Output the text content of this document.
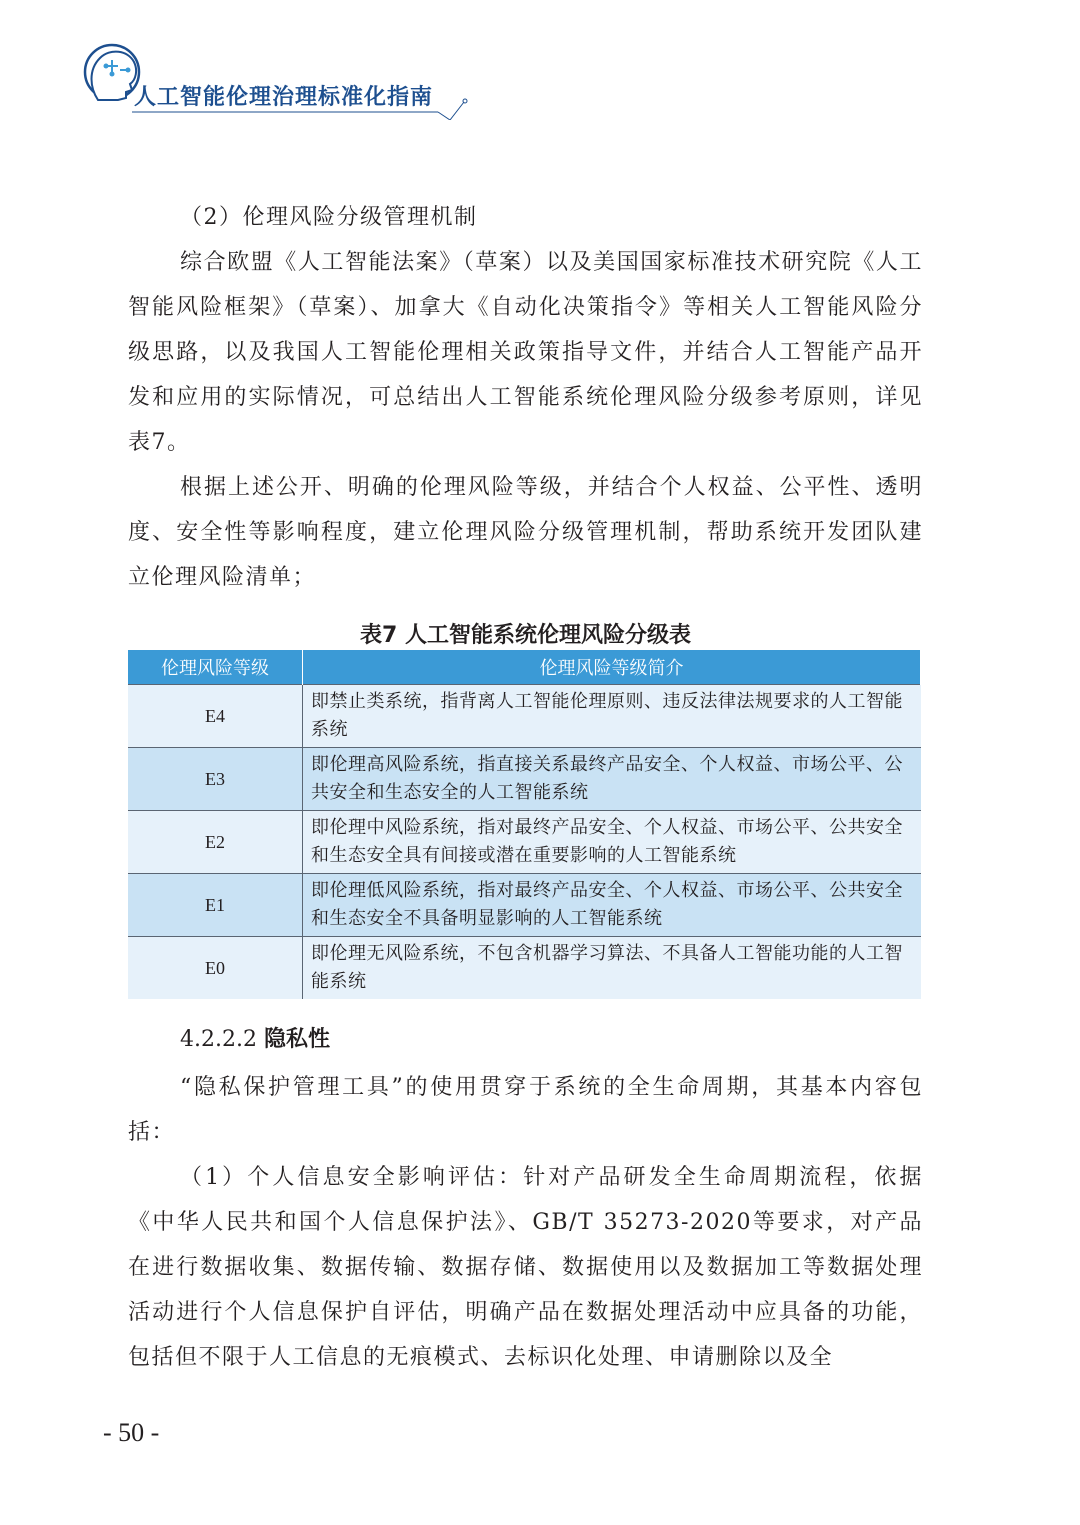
人工智能伦理治理标准化指南

（2）伦理风险分级管理机制

综合欧盟《人工智能法案》（草案）以及美国国家标准技术研究院《人工智能风险框架》（草案）、加拿大《自动化决策指令》等相关人工智能风险分级思路，以及我国人工智能伦理相关政策指导文件，并结合人工智能产品开发和应用的实际情况，可总结出人工智能系统伦理风险分级参考原则，详见表7。

根据上述公开、明确的伦理风险等级，并结合个人权益、公平性、透明度、安全性等影响程度，建立伦理风险分级管理机制，帮助系统开发团队建立伦理风险清单；

表7 人工智能系统伦理风险分级表
伦理风险等级	伦理风险等级简介
E4	即禁止类系统，指背离人工智能伦理原则、违反法律法规要求的人工智能系统
E3	即伦理高风险系统，指直接关系最终产品安全、个人权益、市场公平、公共安全和生态安全的人工智能系统
E2	即伦理中风险系统，指对最终产品安全、个人权益、市场公平、公共安全和生态安全具有间接或潜在重要影响的人工智能系统
E1	即伦理低风险系统，指对最终产品安全、个人权益、市场公平、公共安全和生态安全不具备明显影响的人工智能系统
E0	即伦理无风险系统，不包含机器学习算法、不具备人工智能功能的人工智能系统
4.2.2.2 隐私性

“隐私保护管理工具”的使用贯穿于系统的全生命周期，其基本内容包括：

（1）个人信息安全影响评估：针对产品研发全生命周期流程，依据《中华人民共和国个人信息保护法》、GB/T 35273-2020等要求，对产品在进行数据收集、数据传输、数据存储、数据使用以及数据加工等数据处理活动进行个人信息保护自评估，明确产品在数据处理活动中应具备的功能，包括但不限于人工信息的无痕模式、去标识化处理、申请删除以及全

- 50 -
